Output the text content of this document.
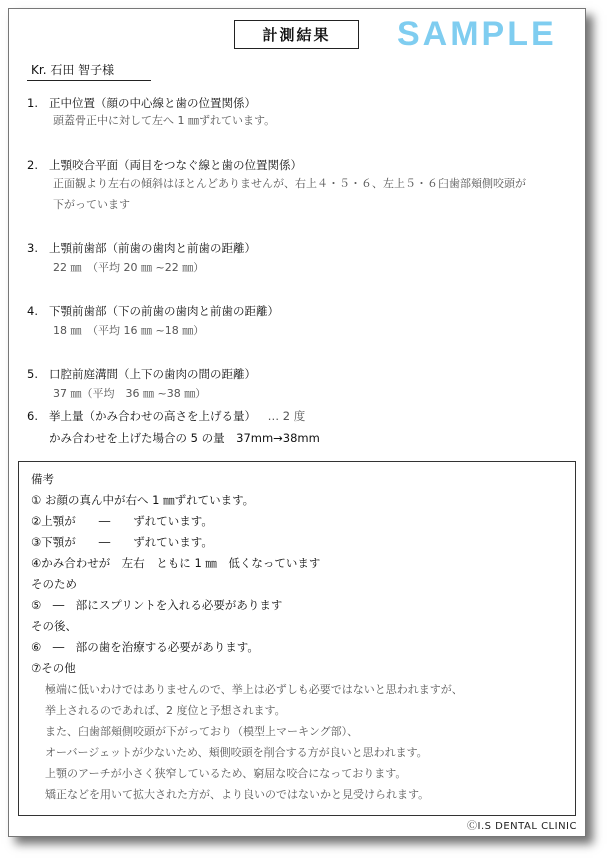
計測結果	SAMPLE
Kr. 石田 智子様
1. 正中位置（顔の中心線と歯の位置関係）
頭蓋骨正中に対して左へ 1 ㎜ずれています。
2. 上顎咬合平面（両目をつなぐ線と歯の位置関係）
正面観より左右の傾斜はほとんどありませんが、右上４・５・６、左上５・６臼歯部頬側咬頭が
下がっています
3. 上顎前歯部（前歯の歯肉と前歯の距離）
22 ㎜　（平均 20 ㎜ ~22 ㎜）
4. 下顎前歯部（下の前歯の歯肉と前歯の距離）
18 ㎜　（平均 16 ㎜ ~18 ㎜）
5. 口腔前庭溝間（上下の歯肉の間の距離）
37 ㎜（平均　36 ㎜ ~38 ㎜）
6. 挙上量（かみ合わせの高さを上げる量） … 2 度
かみ合わせを上げた場合の 5 の量　37mm→38mm
備考
① お顔の真ん中が右へ 1 ㎜ずれています。
②上顎が　　―　　ずれています。
③下顎が　　―　　ずれています。
④かみ合わせが　左右　ともに 1 ㎜　低くなっています
そのため
⑤　―　部にスプリントを入れる必要があります
その後、
⑥　―　部の歯を治療する必要があります。
⑦その他
極端に低いわけではありませんので、挙上は必ずしも必要ではないと思われますが、
挙上されるのであれば、2 度位と予想されます。
また、臼歯部頬側咬頭が下がっており（模型上マーキング部）、
オーバージェットが少ないため、頬側咬頭を削合する方が良いと思われます。
上顎のアーチが小さく狭窄しているため、窮屈な咬合になっております。
矯正などを用いて拡大された方が、より良いのではないかと見受けられます。
ⒸI.S DENTAL CLINIC
